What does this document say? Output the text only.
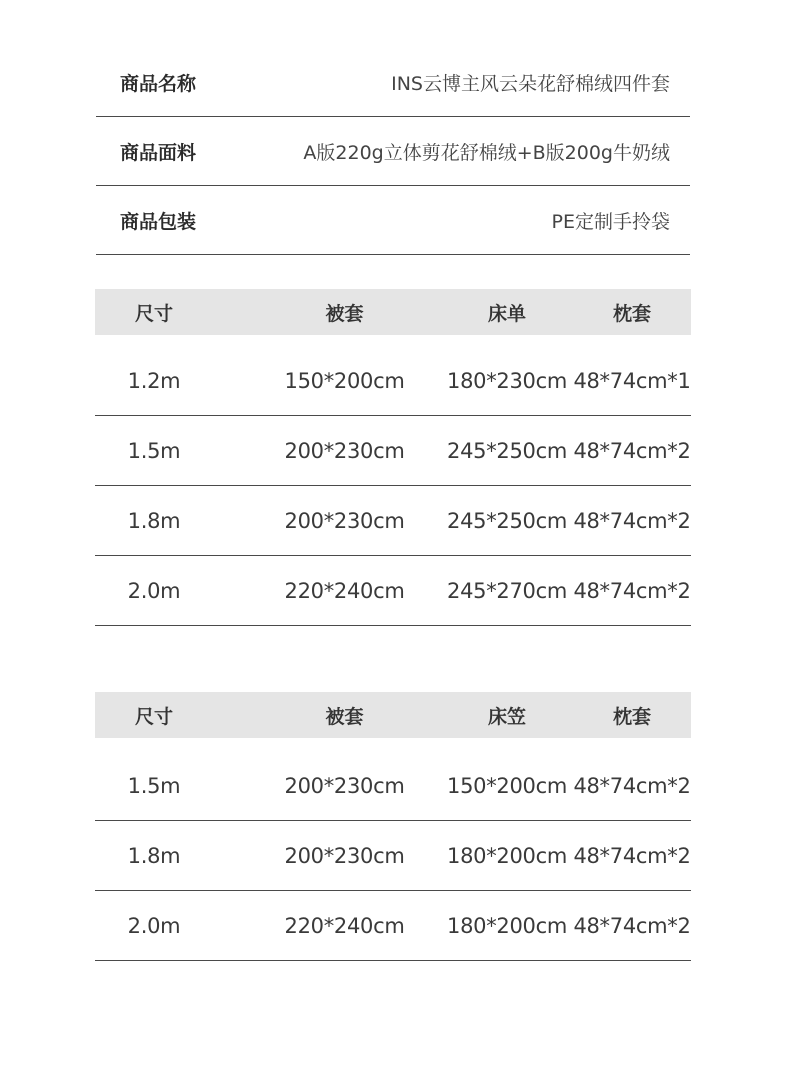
商品名称	INS云博主风云朵花舒棉绒四件套
商品面料	A版220g立体剪花舒棉绒+B版200g牛奶绒
商品包装	PE定制手拎袋
尺寸	被套	床单	枕套
1.2m	150*200cm	180*230cm 48*74cm*1
1.5m	200*230cm	245*250cm 48*74cm*2
1.8m	200*230cm	245*250cm 48*74cm*2
2.0m	220*240cm	245*270cm 48*74cm*2
尺寸	被套	床笠	枕套
1.5m	200*230cm	150*200cm 48*74cm*2
1.8m	200*230cm	180*200cm 48*74cm*2
2.0m	220*240cm	180*200cm 48*74cm*2
